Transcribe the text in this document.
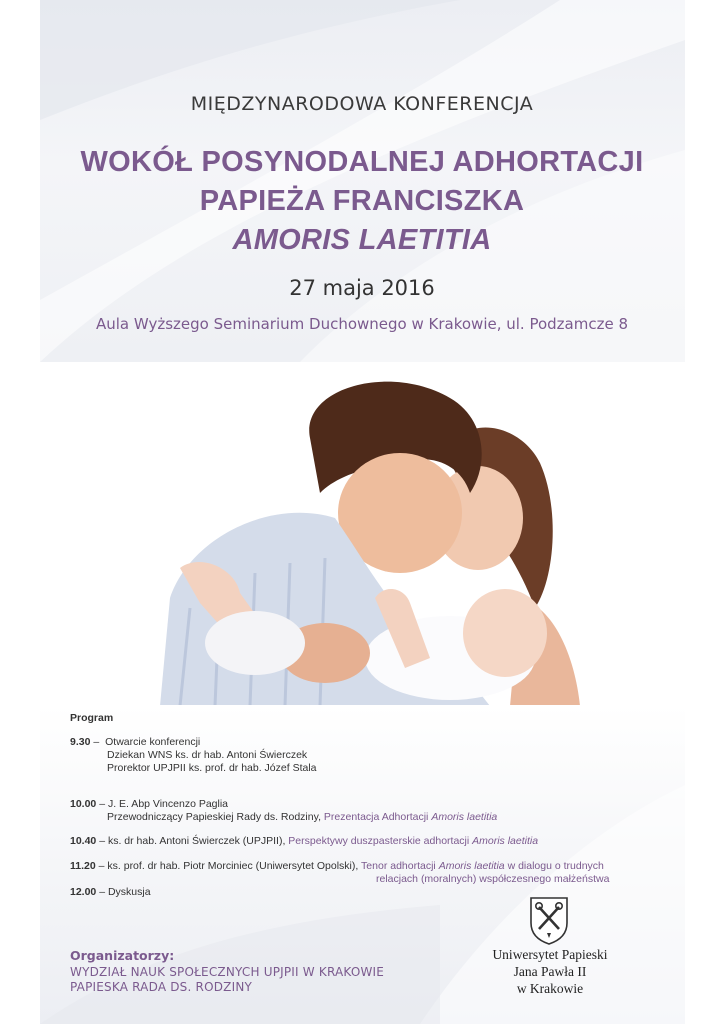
MIĘDZYNARODOWA KONFERENCJA
WOKÓŁ POSYNODALNEJ ADHORTACJI
PAPIEŻA FRANCISZKA
AMORIS LAETITIA
27 maja 2016
Aula Wyższego Seminarium Duchownego w Krakowie, ul. Podzamcze 8
Program
9.30 – Otwarcie konferencji
Dziekan WNS ks. dr hab. Antoni Świerczek
Prorektor UPJPII ks. prof. dr hab. Józef Stala
10.00 – J. E. Abp Vincenzo Paglia
Przewodniczący Papieskiej Rady ds. Rodziny, Prezentacja Adhortacji Amoris laetitia
10.40 – ks. dr hab. Antoni Świerczek (UPJPII), Perspektywy duszpasterskie adhortacji Amoris laetitia
11.20 – ks. prof. dr hab. Piotr Morciniec (Uniwersytet Opolski), Tenor adhortacji Amoris laetitia w dialogu o trudnych
relacjach (moralnych) współczesnego małżeństwa
12.00 – Dyskusja
Organizatorzy:
WYDZIAŁ NAUK SPOŁECZNYCH UPJPII W KRAKOWIE
PAPIESKA RADA DS. RODZINY
Uniwersytet Papieski
Jana Pawła II
w Krakowie
